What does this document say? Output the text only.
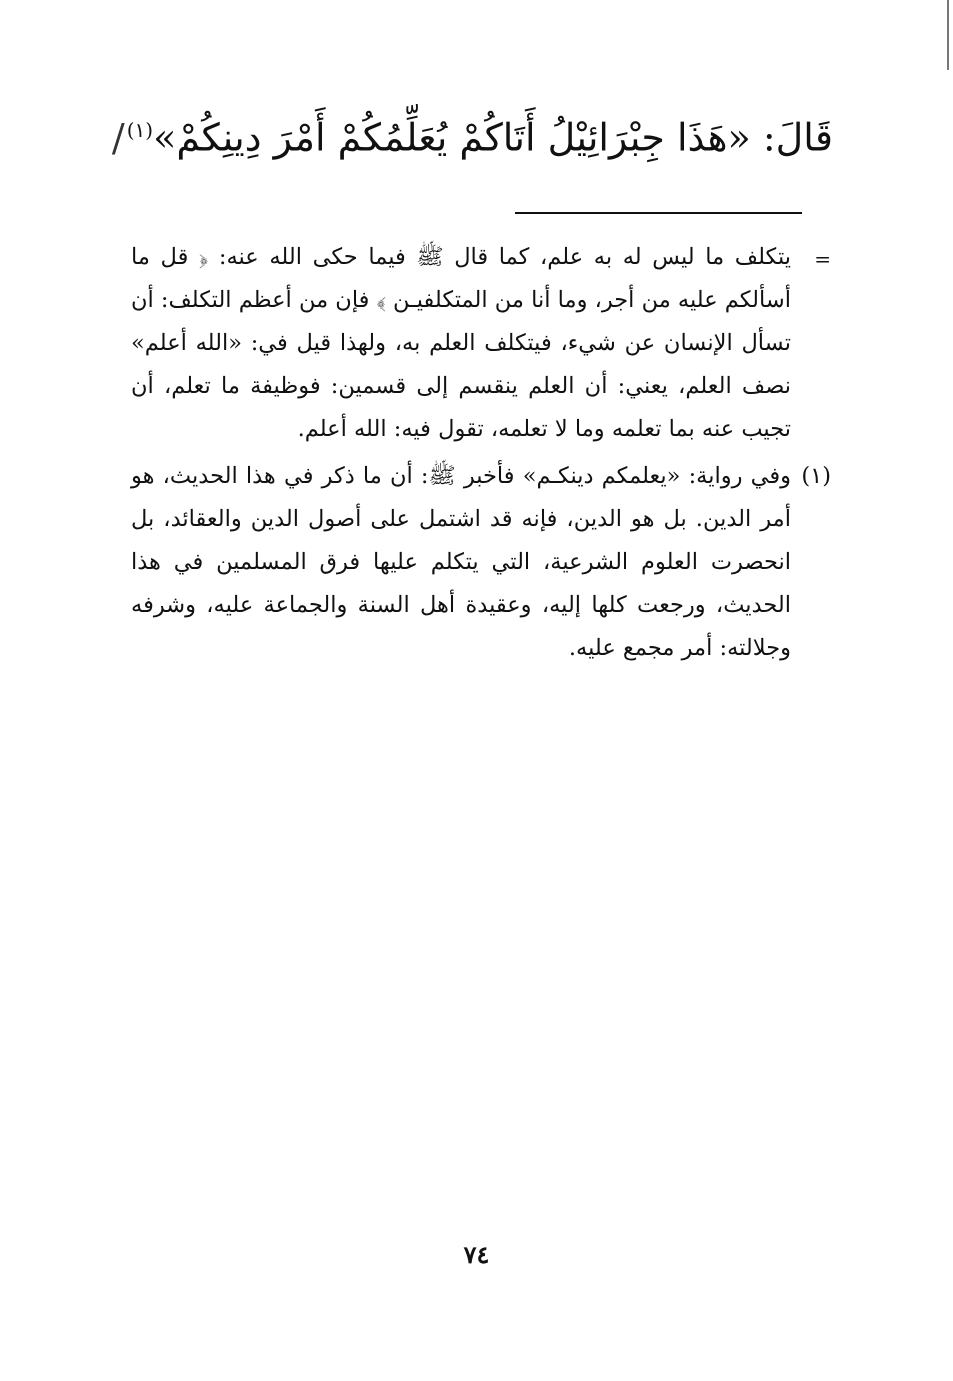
قَالَ: «هَذَا جِبْرَائِيْلُ أَتَاكُمْ يُعَلِّمُكُمْ أَمْرَ دِينِكُمْ»$^{(١)}$/
=
يتكلف ما ليس له به علم، كما قال ﷺ فيما حكى الله عنه: ﴿ قل ما أسألكم عليه من أجر، وما أنا من المتكلفيـن ﴾ فإن من أعظم التكلف: أن تسأل الإنسان عن شيء، فيتكلف العلم به، ولهذا قيل في: «الله أعلم» نصف العلم، يعني: أن العلم ينقسم إلى قسمين: فوظيفة ما تعلم، أن تجيب عنه بما تعلمه وما لا تعلمه، تقول فيه: الله أعلم.
(١)
وفي رواية: «يعلمكم دينكـم» فأخبر ﷺ: أن ما ذكر في هذا الحديث، هو أمر الدين. بل هو الدين، فإنه قد اشتمل على أصول الدين والعقائد، بل انحصرت العلوم الشرعية، التي يتكلم عليها فرق المسلمين في هذا الحديث، ورجعت كلها إليه، وعقيدة أهل السنة والجماعة عليه، وشرفه وجلالته: أمر مجمع عليه.
٧٤
